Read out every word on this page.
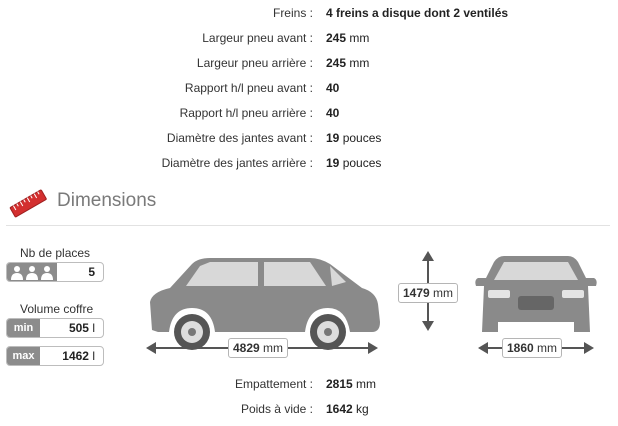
Freins : 4 freins a disque dont 2 ventilés
Largeur pneu avant : 245 mm
Largeur pneu arrière : 245 mm
Rapport h/l pneu avant : 40
Rapport h/l pneu arrière : 40
Diamètre des jantes avant : 19 pouces
Diamètre des jantes arrière : 19 pouces
Dimensions
Nb de places
5
Volume coffre
min	505 l
max	1462 l
4829 mm
1479 mm
1860 mm
Empattement : 2815 mm
Poids à vide : 1642 kg
